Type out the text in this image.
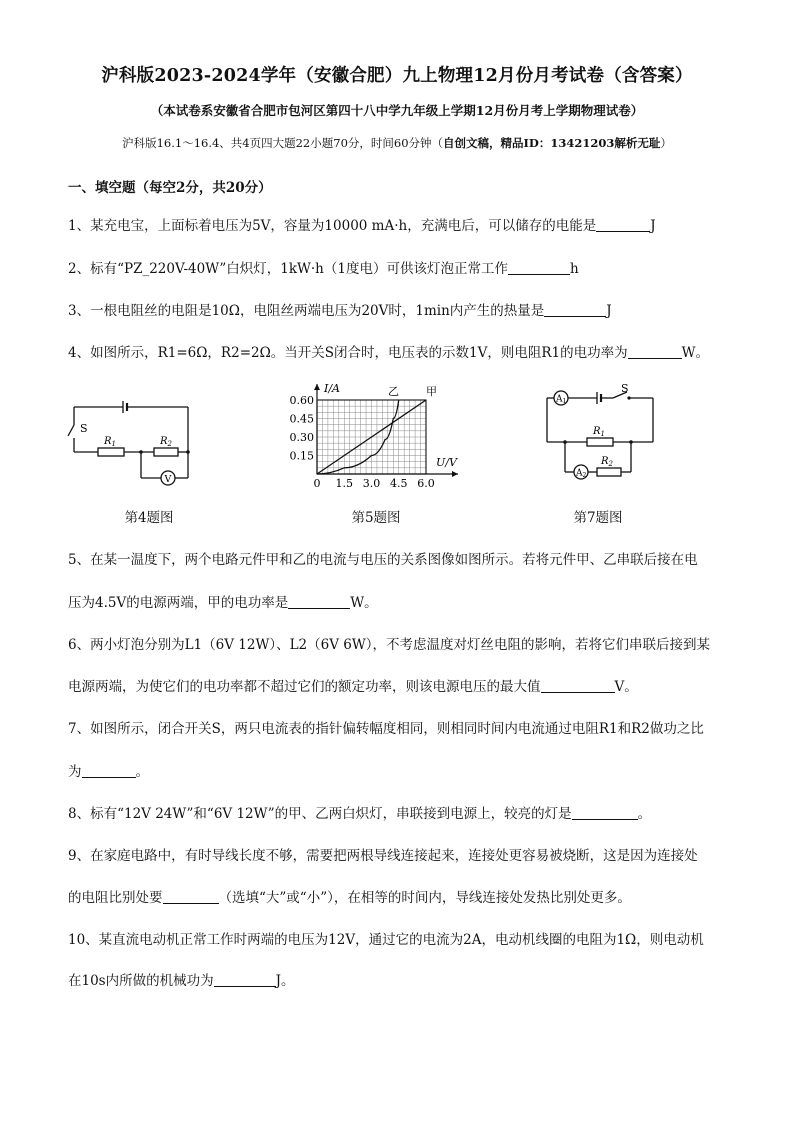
沪科版2023-2024学年（安徽合肥）九上物理12月份月考试卷（含答案）
（本试卷系安徽省合肥市包河区第四十八中学九年级上学期12月份月考上学期物理试卷）
沪科版16.1～16.4、共4页四大题22小题70分，时间60分钟（自创文稿，精品ID：13421203解析无耻）
一、填空题（每空2分，共20分）
1、某充电宝，上面标着电压为5V，容量为10000 mA·h，充满电后，可以储存的电能是	J
2、标有“PZ_220V-40W”白炽灯，1kW·h（1度电）可供该灯泡正常工作	h
3、一根电阻丝的电阻是10Ω，电阻丝两端电压为20V时，1min内产生的热量是	J
4、如图所示，R1=6Ω，R2=2Ω。当开关S闭合时，电压表的示数1V，则电阻R1的电功率为	W。
S
$R_1$	$R_2$
V
第4题图
0 1.5 3.0 4.5 6.0
0.60
0.45
0.30
0.15	U/V
I/A	甲
乙
第5题图
A1
A2
S
$R_1$
$R_2$
第7题图
5、在某一温度下，两个电路元件甲和乙的电流与电压的关系图像如图所示。若将元件甲、乙串联后接在电
压为4.5V的电源两端，甲的电功率是	W。
6、两小灯泡分别为L1（6V 12W）、L2（6V 6W），不考虑温度对灯丝电阻的影响，若将它们串联后接到某
电源两端，为使它们的电功率都不超过它们的额定功率，则该电源电压的最大值	V。
7、如图所示，闭合开关S，两只电流表的指针偏转幅度相同，则相同时间内电流通过电阻R1和R2做功之比
为	。
8、标有“12V 24W”和“6V 12W”的甲、乙两白炽灯，串联接到电源上，较亮的灯是	。
9、在家庭电路中，有时导线长度不够，需要把两根导线连接起来，连接处更容易被烧断，这是因为连接处
的电阻比别处要	（选填“大”或“小”），在相等的时间内，导线连接处发热比别处更多。
10、某直流电动机正常工作时两端的电压为12V，通过它的电流为2A，电动机线圈的电阻为1Ω，则电动机
在10s内所做的机械功为	J。
